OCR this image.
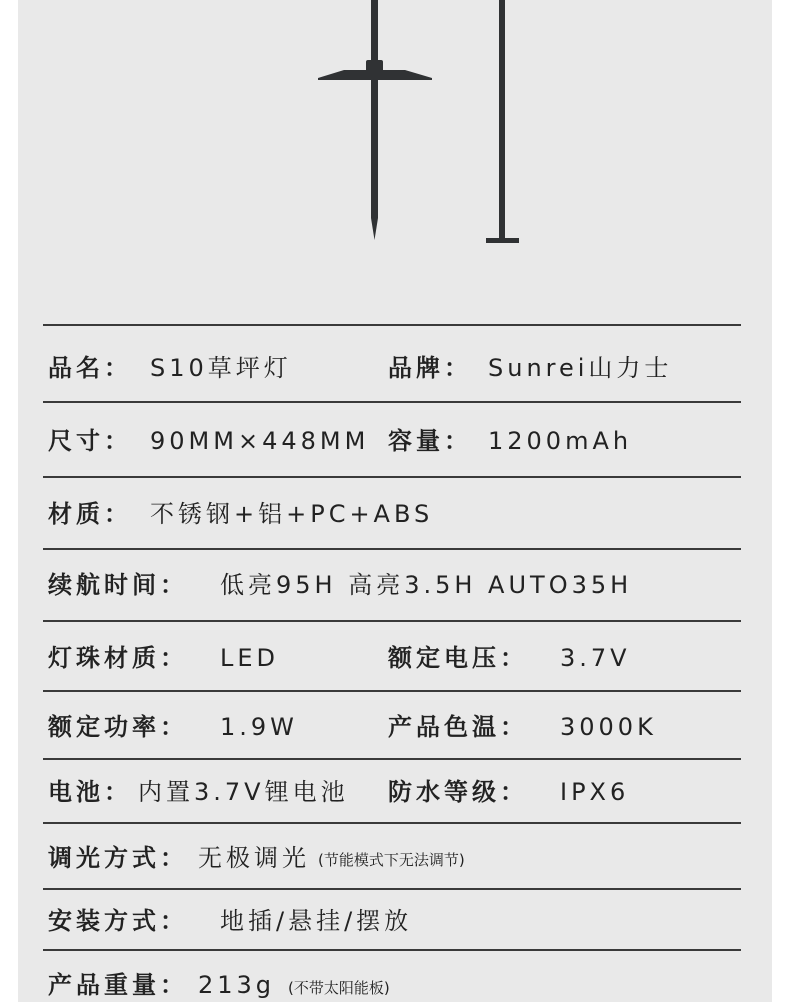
品名： S10草坪灯	品牌： Sunrei山力士
尺寸： 90MM×448MM 容量： 1200mAh
材质： 不锈钢+铝+PC+ABS
续航时间： 低亮95H 高亮3.5H AUTO35H
灯珠材质： LED	额定电压： 3.7V
额定功率： 1.9W	产品色温： 3000K
电池： 内置3.7V锂电池 防水等级： IPX6
调光方式： 无极调光 (节能模式下无法调节)
安装方式： 地插/悬挂/摆放
产品重量： 213g (不带太阳能板)
